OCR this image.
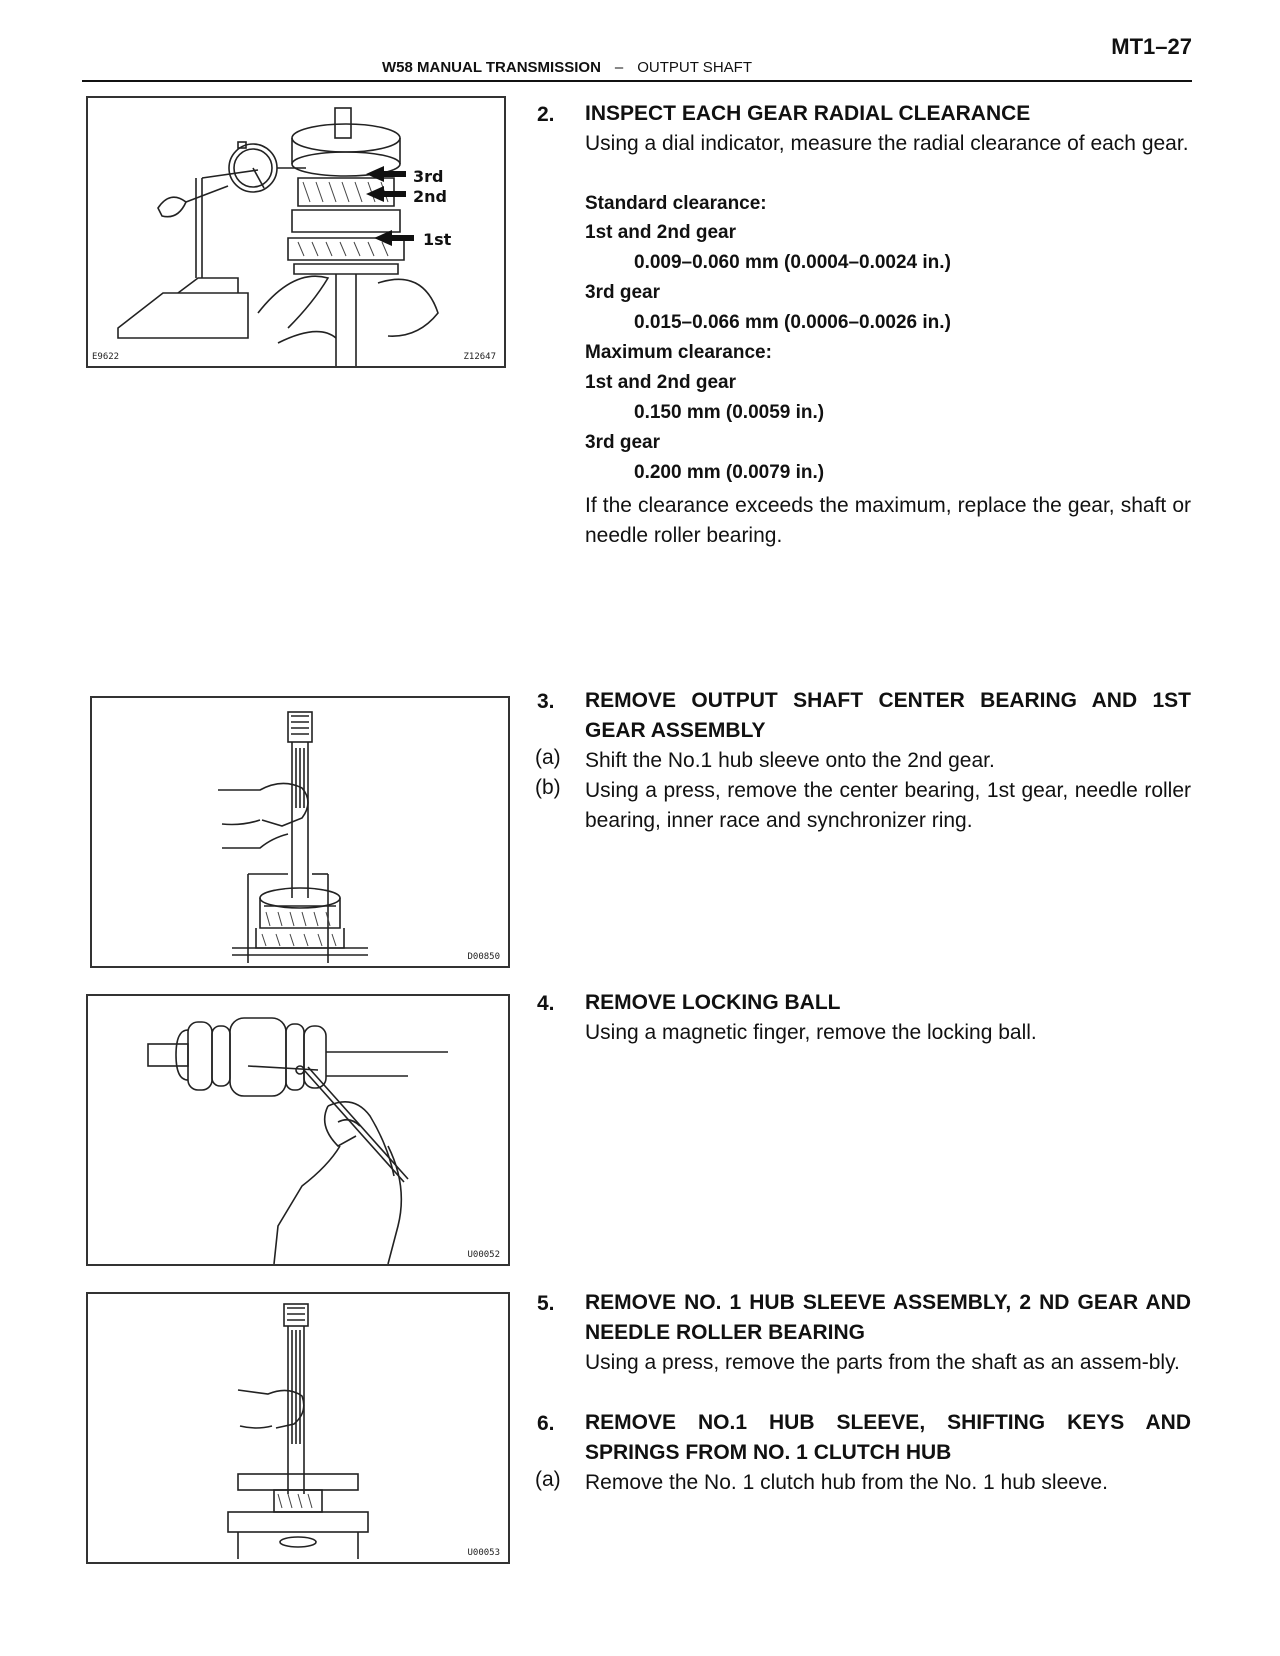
MT1–27
W58 MANUAL TRANSMISSION – OUTPUT SHAFT
3rd
2nd
1st
E9622	Z12647
2. INSPECT EACH GEAR RADIAL CLEARANCE
Using a dial indicator, measure the radial clearance of each gear.
Standard clearance:
1st and 2nd gear
0.009–0.060 mm (0.0004–0.0024 in.)
3rd gear
0.015–0.066 mm (0.0006–0.0026 in.)
Maximum clearance:
1st and 2nd gear
0.150 mm (0.0059 in.)
3rd gear
0.200 mm (0.0079 in.)
If the clearance exceeds the maximum, replace the gear, shaft or needle roller bearing.
D00850
3. REMOVE OUTPUT SHAFT CENTER BEARING AND 1ST GEAR ASSEMBLY
(a) Shift the No.1 hub sleeve onto the 2nd gear.
(b) Using a press, remove the center bearing, 1st gear, needle roller bearing, inner race and synchronizer ring.
U00052
4. REMOVE LOCKING BALL
Using a magnetic finger, remove the locking ball.
U00053
5. REMOVE NO. 1 HUB SLEEVE ASSEMBLY, 2 ND GEAR AND NEEDLE ROLLER BEARING
Using a press, remove the parts from the shaft as an assem-bly.
6. REMOVE NO.1 HUB SLEEVE, SHIFTING KEYS AND SPRINGS FROM NO. 1 CLUTCH HUB
(a) Remove the No. 1 clutch hub from the No. 1 hub sleeve.
